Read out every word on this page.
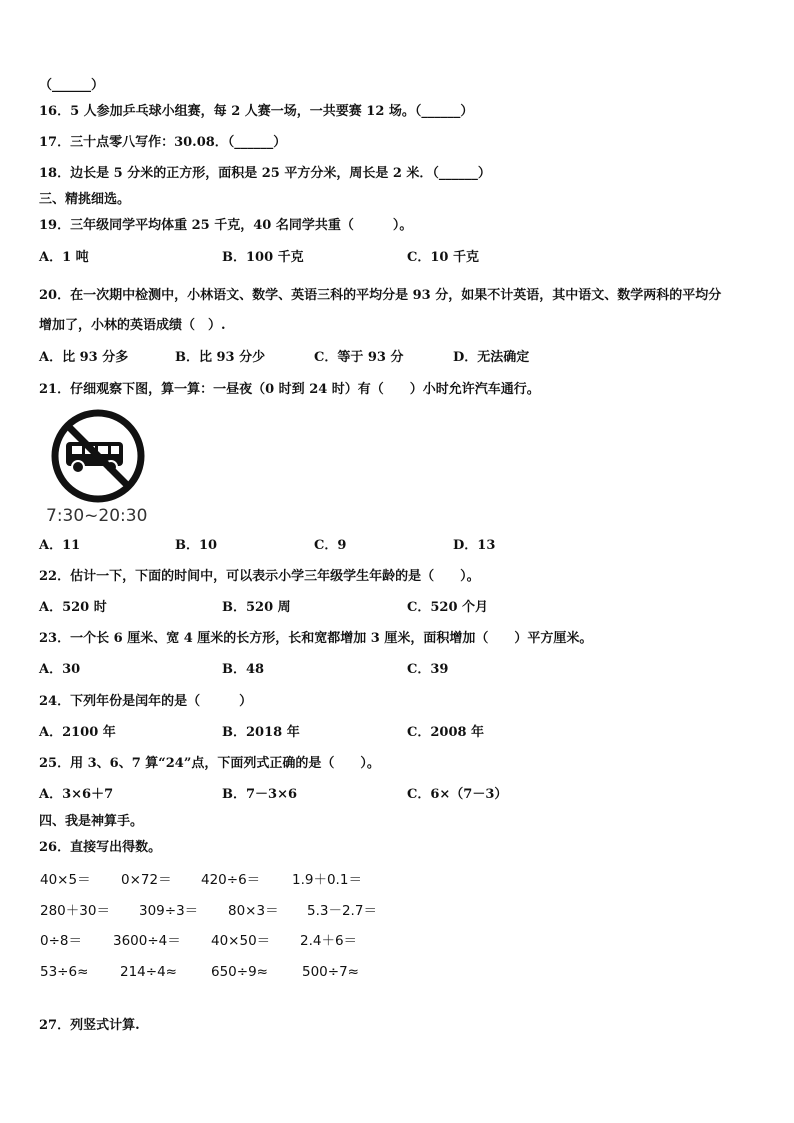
（______）
16．5 人参加乒乓球小组赛，每 2 人赛一场，一共要赛 12 场。（______）
17．三十点零八写作：30.08．（______）
18．边长是 5 分米的正方形，面积是 25 平方分米，周长是 2 米．（______）
三、精挑细选。
19．三年级同学平均体重 25 千克，40 名同学共重（　　　）。
A．1 吨	B．100 千克	C．10 千克
20．在一次期中检测中，小林语文、数学、英语三科的平均分是 93 分，如果不计英语，其中语文、数学两科的平均分
增加了，小林的英语成绩（　）.
A．比 93 分多	B．比 93 分少	C．等于 93 分	D．无法确定
21．仔细观察下图，算一算：一昼夜（0 时到 24 时）有（　　）小时允许汽车通行。
7:30~20:30
A．11	B．10	C．9	D．13
22．估计一下，下面的时间中，可以表示小学三年级学生年龄的是（　　）。
A．520 时	B．520 周	C．520 个月
23．一个长 6 厘米、宽 4 厘米的长方形，长和宽都增加 3 厘米，面积增加（　　）平方厘米。
A．30	B．48	C．39
24．下列年份是闰年的是（　　　）
A．2100 年	B．2018 年	C．2008 年
25．用 3、6、7 算“24”点，下面列式正确的是（　　）。
A．3×6＋7	B．7－3×6	C．6×（7－3）
四、我是神算手。
26．直接写出得数。
40×5＝ 0×72＝ 420÷6＝ 1.9＋0.1＝
280＋30＝ 309÷3＝ 80×3＝ 5.3－2.7＝
0÷8＝ 3600÷4＝ 40×50＝ 2.4＋6＝
53÷6≈ 214÷4≈	650÷9≈	500÷7≈
27．列竖式计算.
